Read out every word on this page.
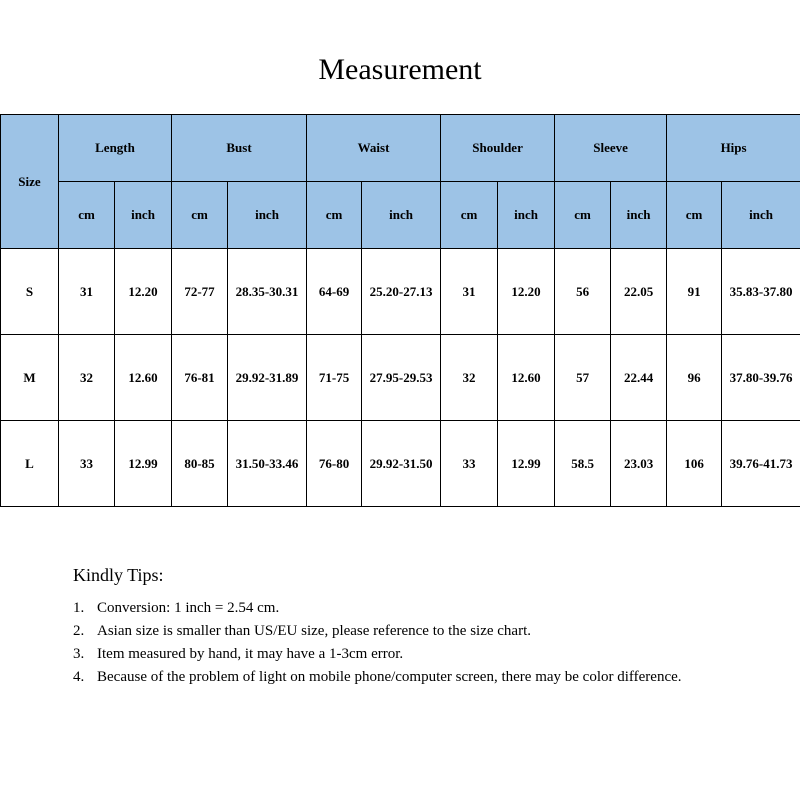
Measurement
Size	Length		Bust		Waist		Shoulder		Sleeve		Hips	
	cm	inch	cm	inch	cm	inch	cm	inch	cm	inch	cm	inch
S	31	12.20	72-77	28.35-30.31	64-69	25.20-27.13	31	12.20	56	22.05	91	35.83-37.80
M	32	12.60	76-81	29.92-31.89	71-75	27.95-29.53	32	12.60	57	22.44	96	37.80-39.76
L	33	12.99	80-85	31.50-33.46	76-80	29.92-31.50	33	12.99	58.5	23.03	106	39.76-41.73
Kindly Tips:
1. Conversion: 1 inch = 2.54 cm.
2. Asian size is smaller than US/EU size, please reference to the size chart.
3. Item measured by hand, it may have a 1-3cm error.
4. Because of the problem of light on mobile phone/computer screen, there may be color difference.
